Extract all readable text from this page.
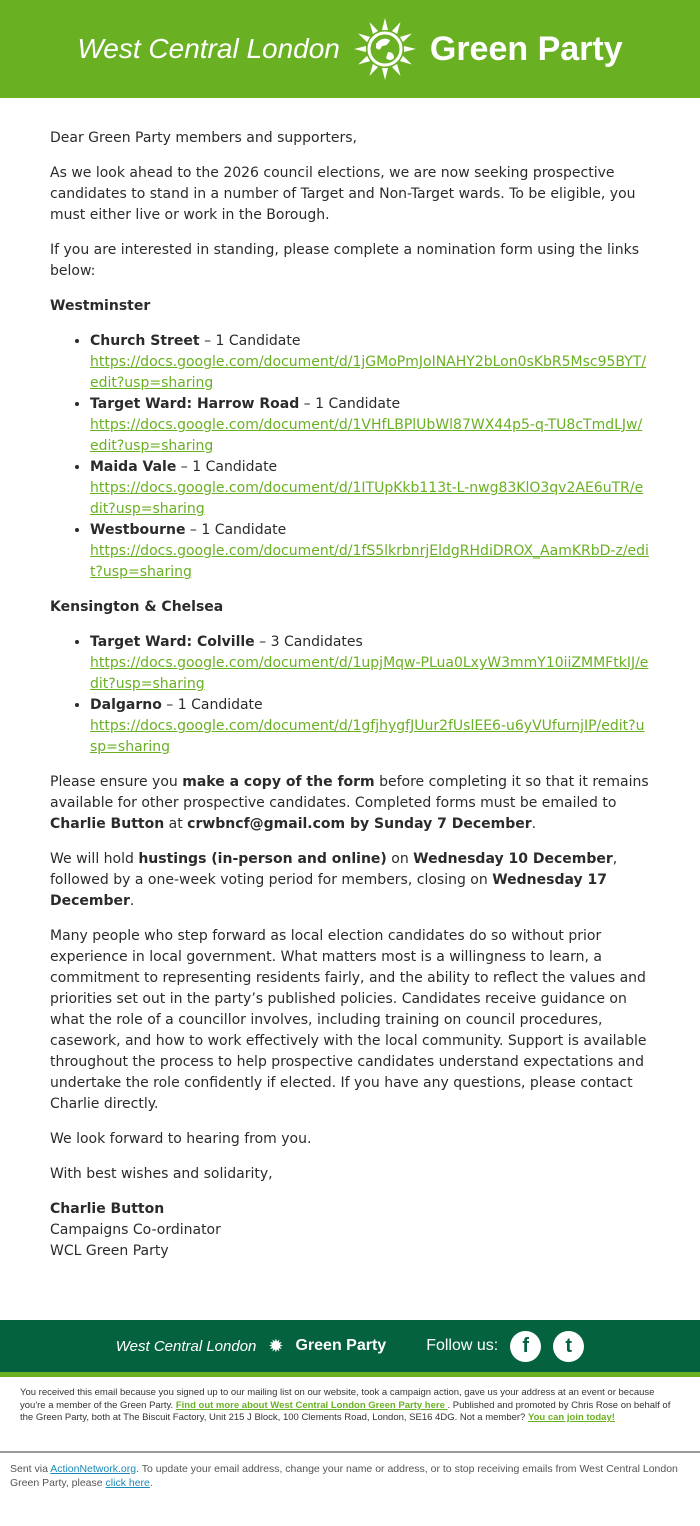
West Central London	Green Party

Dear Green Party members and supporters,

As we look ahead to the 2026 council elections, we are now seeking prospective candidates to stand in a number of Target and Non-Target wards. To be eligible, you must either live or work in the Borough.

If you are interested in standing, please complete a nomination form using the links below:

Westminster
• Church Street – 1 Candidate
https://docs.google.com/document/d/1jGMoPmJoINAHY2bLon0sKbR5Msc95BYT/edit?usp=sharing
• Target Ward: Harrow Road – 1 Candidate
https://docs.google.com/document/d/1VHfLBPlUbWl87WX44p5-q-TU8cTmdLJw/edit?usp=sharing
• Maida Vale – 1 Candidate
https://docs.google.com/document/d/1ITUpKkb113t-L-nwg83KlO3qv2AE6uTR/edit?usp=sharing
• Westbourne – 1 Candidate
https://docs.google.com/document/d/1fS5lkrbnrjEldgRHdiDROX_AamKRbD-z/edit?usp=sharing
Kensington & Chelsea
• Target Ward: Colville – 3 Candidates
https://docs.google.com/document/d/1upjMqw-PLua0LxyW3mmY10iiZMMFtkIJ/edit?usp=sharing
• Dalgarno – 1 Candidate
https://docs.google.com/document/d/1gfjhygfJUur2fUslEE6-u6yVUfurnjIP/edit?usp=sharing

Please ensure you make a copy of the form before completing it so that it remains available for other prospective candidates. Completed forms must be emailed to Charlie Button at crwbncf@gmail.com by Sunday 7 December.

We will hold hustings (in-person and online) on Wednesday 10 December, followed by a one-week voting period for members, closing on Wednesday 17 December.

Many people who step forward as local election candidates do so without prior experience in local government. What matters most is a willingness to learn, a commitment to representing residents fairly, and the ability to reflect the values and priorities set out in the party’s published policies. Candidates receive guidance on what the role of a councillor involves, including training on council procedures, casework, and how to work effectively with the local community. Support is available throughout the process to help prospective candidates understand expectations and undertake the role confidently if elected. If you have any questions, please contact Charlie directly.

We look forward to hearing from you.

With best wishes and solidarity,

Charlie Button
Campaigns Co-ordinator
WCL Green Party
West Central London ✹ Green Party	Follow us:	f	t
You received this email because you signed up to our mailing list on our website, took a campaign action, gave us your address at an event or because you're a member of the Green Party. Find out more about West Central London Green Party here . Published and promoted by Chris Rose on behalf of the Green Party, both at The Biscuit Factory, Unit 215 J Block, 100 Clements Road, London, SE16 4DG. Not a member? You can join today!
Sent via ActionNetwork.org. To update your email address, change your name or address, or to stop receiving emails from West Central London Green Party, please click here.
